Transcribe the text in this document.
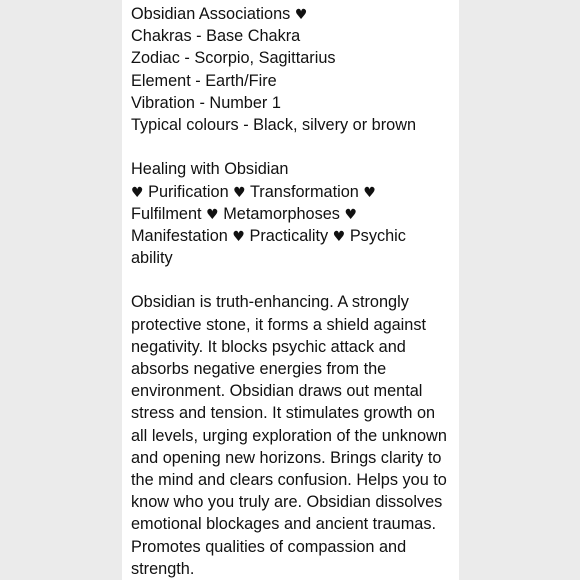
Obsidian Associations ♥
Chakras - Base Chakra
Zodiac - Scorpio, Sagittarius
Element - Earth/Fire
Vibration - Number 1
Typical colours - Black, silvery or brown
Healing with Obsidian
♥ Purification ♥ Transformation ♥
Fulfilment ♥ Metamorphoses ♥
Manifestation ♥ Practicality ♥ Psychic
ability
Obsidian is truth-enhancing. A strongly
protective stone, it forms a shield against
negativity. It blocks psychic attack and
absorbs negative energies from the
environment. Obsidian draws out mental
stress and tension. It stimulates growth on
all levels, urging exploration of the unknown
and opening new horizons. Brings clarity to
the mind and clears confusion. Helps you to
know who you truly are. Obsidian dissolves
emotional blockages and ancient traumas.
Promotes qualities of compassion and
strength.
